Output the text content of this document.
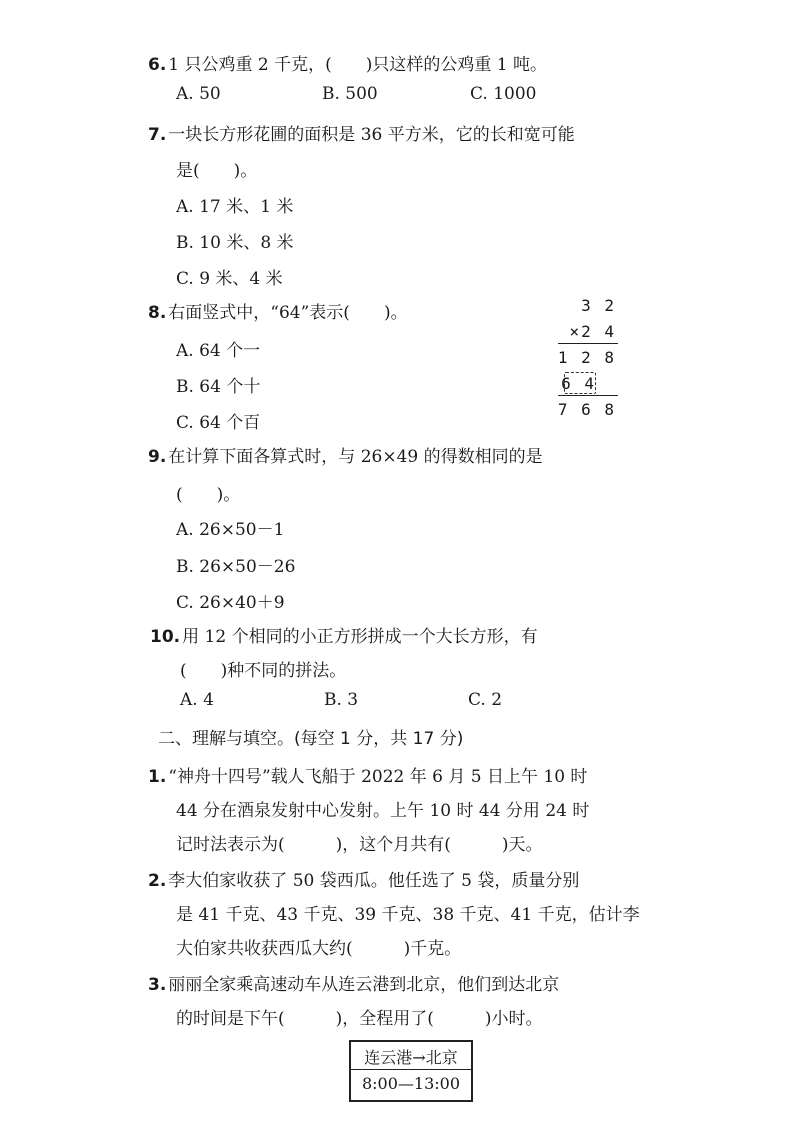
6. 1 只公鸡重 2 千克，(　　)只这样的公鸡重 1 吨。

A. 50	B. 500	C. 1000

7. 一块长方形花圃的面积是 36 平方米，它的长和宽可能

是(　　)。

A. 17 米、1 米

B. 10 米、8 米

C. 9 米、4 米

8. 右面竖式中，“64”表示(　　)。

A. 64 个一

B. 64 个十

C. 64 个百

3 2
×2 4
1 2 8
6 4
7 6 8

9. 在计算下面各算式时，与 26×49 的得数相同的是

(　　)。

A. 26×50－1

B. 26×50－26

C. 26×40＋9

10. 用 12 个相同的小正方形拼成一个大长方形，有

(　　)种不同的拼法。

A. 4	B. 3	C. 2

二、理解与填空。(每空 1 分，共 17 分)

1. “神舟十四号”载人飞船于 2022 年 6 月 5 日上午 10 时

44 分在酒泉发射中心发射。上午 10 时 44 分用 24 时

记时法表示为(　　　)，这个月共有(　　　)天。

2. 李大伯家收获了 50 袋西瓜。他任选了 5 袋，质量分别

是 41 千克、43 千克、39 千克、38 千克、41 千克，估计李

大伯家共收获西瓜大约(　　　)千克。

3. 丽丽全家乘高速动车从连云港到北京，他们到达北京

的时间是下午(　　　)，全程用了(　　　)小时。

连云港→北京
8:00—13:00
